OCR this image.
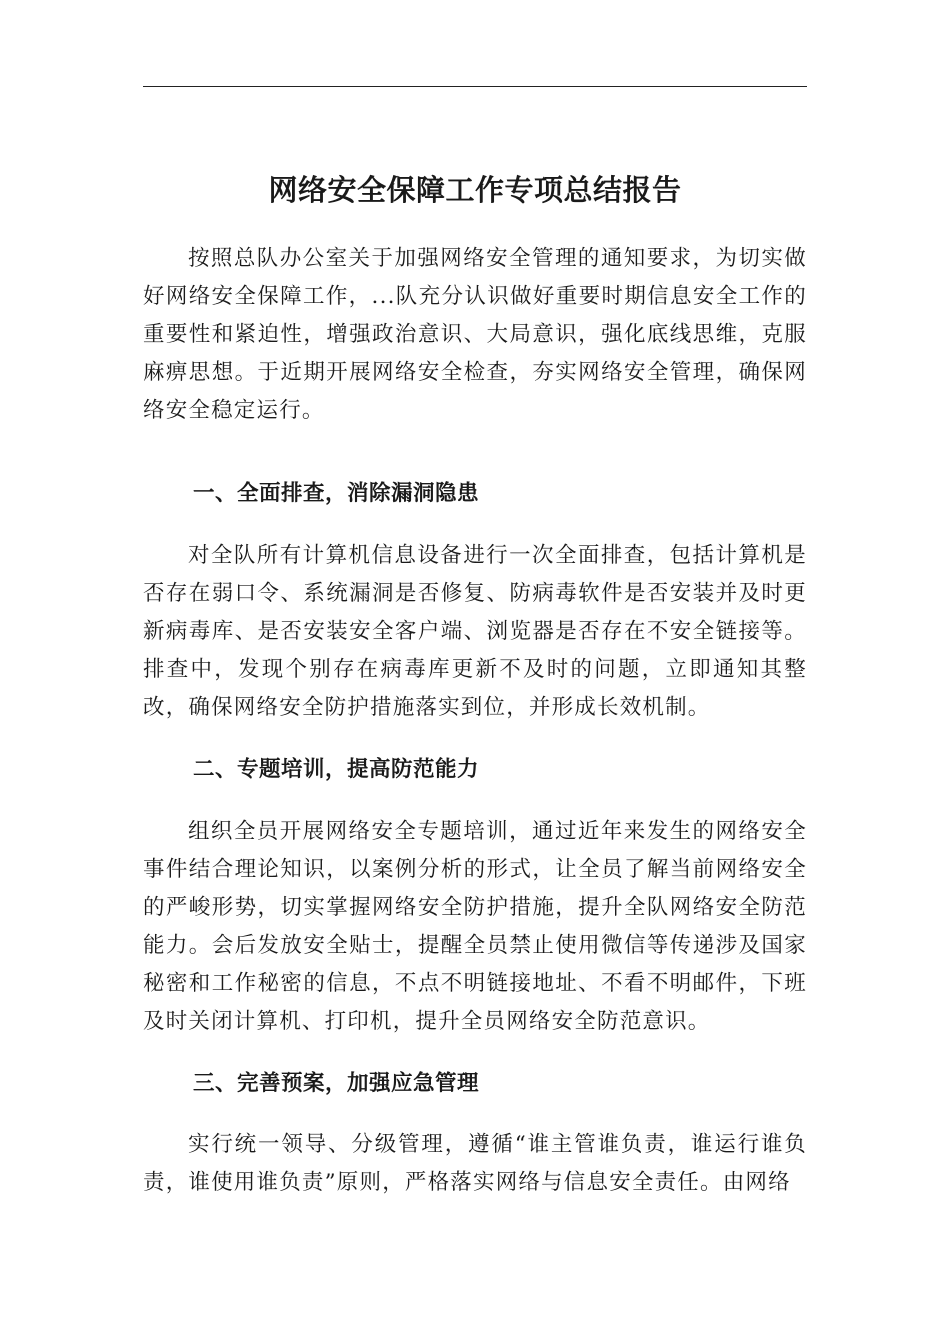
网络安全保障工作专项总结报告

按照总队办公室关于加强网络安全管理的通知要求，为切实做好网络安全保障工作，...队充分认识做好重要时期信息安全工作的重要性和紧迫性，增强政治意识、大局意识，强化底线思维，克服麻痹思想。于近期开展网络安全检查，夯实网络安全管理，确保网络安全稳定运行。

一、全面排查，消除漏洞隐患

对全队所有计算机信息设备进行一次全面排查，包括计算机是否存在弱口令、系统漏洞是否修复、防病毒软件是否安装并及时更新病毒库、是否安装安全客户端、浏览器是否存在不安全链接等。排查中，发现个别存在病毒库更新不及时的问题，立即通知其整改，确保网络安全防护措施落实到位，并形成长效机制。

二、专题培训，提高防范能力

组织全员开展网络安全专题培训，通过近年来发生的网络安全事件结合理论知识，以案例分析的形式，让全员了解当前网络安全的严峻形势，切实掌握网络安全防护措施，提升全队网络安全防范能力。会后发放安全贴士，提醒全员禁止使用微信等传递涉及国家秘密和工作秘密的信息，不点不明链接地址、不看不明邮件，下班及时关闭计算机、打印机，提升全员网络安全防范意识。

三、完善预案，加强应急管理

实行统一领导、分级管理，遵循“谁主管谁负责，谁运行谁负责，谁使用谁负责”原则，严格落实网络与信息安全责任。由网络
